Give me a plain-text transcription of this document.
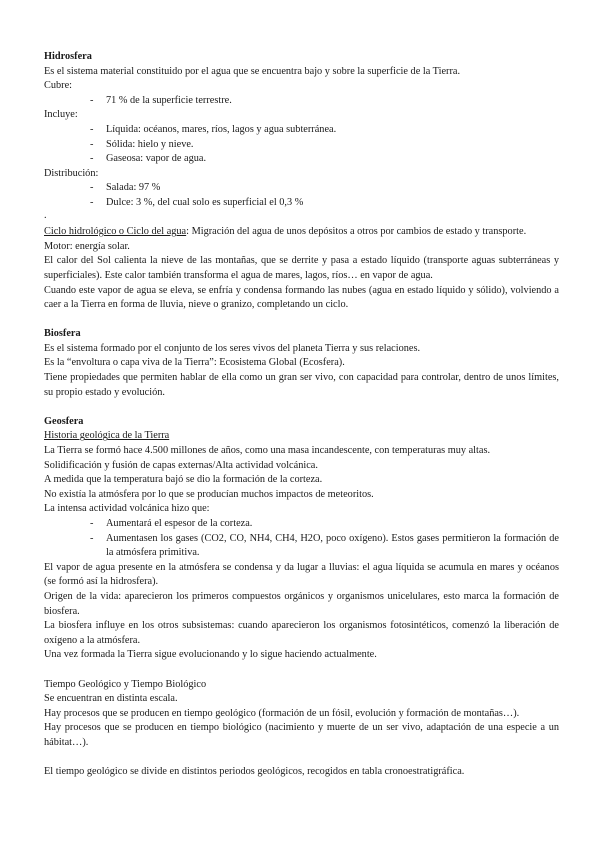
Hidrosfera

Es el sistema material constituido por el agua que se encuentra bajo y sobre la superficie de la Tierra.

Cubre:

- 71 % de la superficie terrestre.

Incluye:

- Líquida: océanos, mares, ríos, lagos y agua subterránea.
- Sólida: hielo y nieve.
- Gaseosa: vapor de agua.

Distribución:

- Salada: 97 %
- Dulce: 3 %, del cual solo es superficial el 0,3 %
.

Ciclo hidrológico o Ciclo del agua: Migración del agua de unos depósitos a otros por cambios de estado y transporte.

Motor: energía solar.

El calor del Sol calienta la nieve de las montañas, que se derrite y pasa a estado líquido (transporte aguas subterráneas y superficiales). Este calor también transforma el agua de mares, lagos, ríos… en vapor de agua.

Cuando este vapor de agua se eleva, se enfría y condensa formando las nubes (agua en estado líquido y sólido), volviendo a caer a la Tierra en forma de lluvia, nieve o granizo, completando un ciclo.

Biosfera

Es el sistema formado por el conjunto de los seres vivos del planeta Tierra y sus relaciones.

Es la “envoltura o capa viva de la Tierra”: Ecosistema Global (Ecosfera).

Tiene propiedades que permiten hablar de ella como un gran ser vivo, con capacidad para controlar, dentro de unos límites, su propio estado y evolución.

Geosfera

Historia geológica de la Tierra

La Tierra se formó hace 4.500 millones de años, como una masa incandescente, con temperaturas muy altas.

Solidificación y fusión de capas externas/Alta actividad volcánica.

A medida que la temperatura bajó se dio la formación de la corteza.

No existía la atmósfera por lo que se producían muchos impactos de meteoritos.

La intensa actividad volcánica hizo que:

- Aumentará el espesor de la corteza.
- Aumentasen los gases (CO2, CO, NH4, CH4, H2O, poco oxígeno). Estos gases permitieron la formación de la atmósfera primitiva.

El vapor de agua presente en la atmósfera se condensa y da lugar a lluvias: el agua líquida se acumula en mares y océanos (se formó así la hidrosfera).

Origen de la vida: aparecieron los primeros compuestos orgánicos y organismos unicelulares, esto marca la formación de biosfera.

La biosfera influye en los otros subsistemas: cuando aparecieron los organismos fotosintéticos, comenzó la liberación de oxígeno a la atmósfera.

Una vez formada la Tierra sigue evolucionando y lo sigue haciendo actualmente.

Tiempo Geológico y Tiempo Biológico

Se encuentran en distinta escala.

Hay procesos que se producen en tiempo geológico (formación de un fósil, evolución y formación de montañas…).

Hay procesos que se producen en tiempo biológico (nacimiento y muerte de un ser vivo, adaptación de una especie a un hábitat…).

El tiempo geológico se divide en distintos periodos geológicos, recogidos en tabla cronoestratigráfica.
